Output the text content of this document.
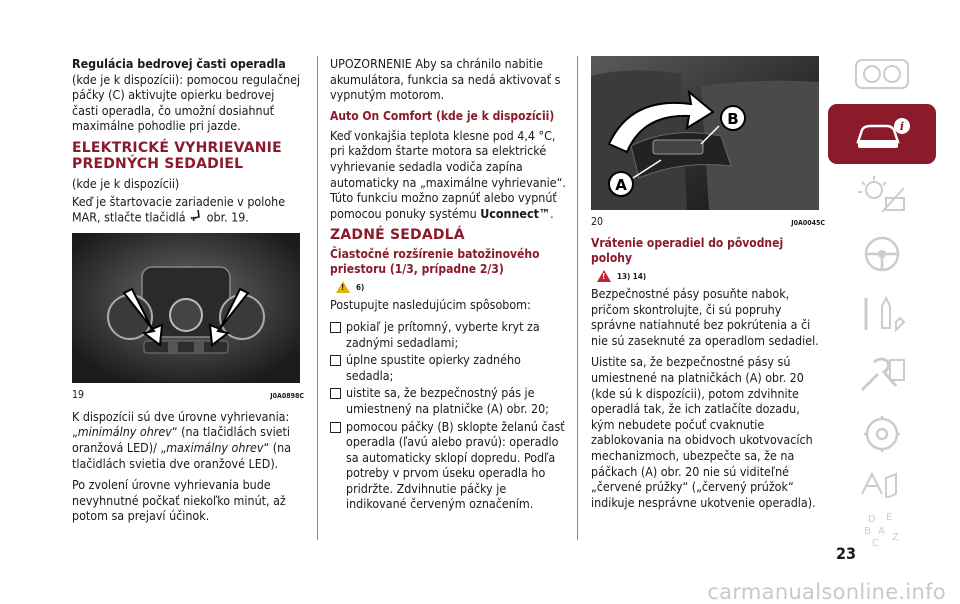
Regulácia bedrovej časti operadla (kde je k dispozícii): pomocou regulačnej páčky (C) aktivujte opierku bedrovej časti operadla, čo umožní dosiahnuť maximálne pohodlie pri jazde.

ELEKTRICKÉ VYHRIEVANIE PREDNÝCH SEDADIEL

(kde je k dispozícii)

Keď je štartovacie zariadenie v polohe MAR, stlačte tlačidlá  obr. 19.

19	J0A0898C

K dispozícii sú dve úrovne vyhrievania: „minimálny ohrev“ (na tlačidlách svieti oranžová LED)/ „maximálny ohrev“ (na tlačidlách svietia dve oranžové LED).

Po zvolení úrovne vyhrievania bude nevyhnutné počkať niekoľko minút, až potom sa prejaví účinok.

UPOZORNENIE Aby sa chránilo nabitie akumulátora, funkcia sa nedá aktivovať s vypnutým motorom.

Auto On Comfort (kde je k dispozícii)

Keď vonkajšia teplota klesne pod 4,4 °C, pri každom štarte motora sa elektrické vyhrievanie sedadla vodiča zapína automaticky na „maximálne vyhrievanie“. Túto funkciu možno zapnúť alebo vypnúť pomocou ponuky systému Uconnect™.

ZADNÉ SEDADLÁ
Čiastočné rozšírenie batožinového priestoru (1/3, prípadne 2/3)
!
6)

Postupujte nasledujúcim spôsobom:

pokiaľ je prítomný, vyberte kryt za zadnými sedadlami;

úplne spustite opierky zadného sedadla;

uistite sa, že bezpečnostný pás je umiestnený na platničke (A) obr. 20;

pomocou páčky (B) sklopte želanú časť operadla (ľavú alebo pravú): operadlo sa automaticky sklopí dopredu. Podľa potreby v prvom úseku operadla ho pridržte. Zdvihnutie páčky je indikované červeným označením.

B
A
20	J0A0045C
Vrátenie operadiel do pôvodnej polohy
!
13) 14)

Bezpečnostné pásy posuňte nabok, pričom skontrolujte, či sú popruhy správne natiahnuté bez pokrútenia a či nie sú zaseknuté za operadlom sedadiel.

Uistite sa, že bezpečnostné pásy sú umiestnené na platničkách (A) obr. 20 (kde sú k dispozícii), potom zdvihnite operadlá tak, že ich zatlačíte dozadu, kým nebudete počuť cvaknutie zablokovania na obidvoch ukotvovacích mechanizmoch, ubezpečte sa, že na páčkach (A) obr. 20 nie sú viditeľné „červené prúžky“ („červený prúžok“ indikuje nesprávne ukotvenie operadla).

i
D E
B A
C
Z
23
carmanualsonline.info
